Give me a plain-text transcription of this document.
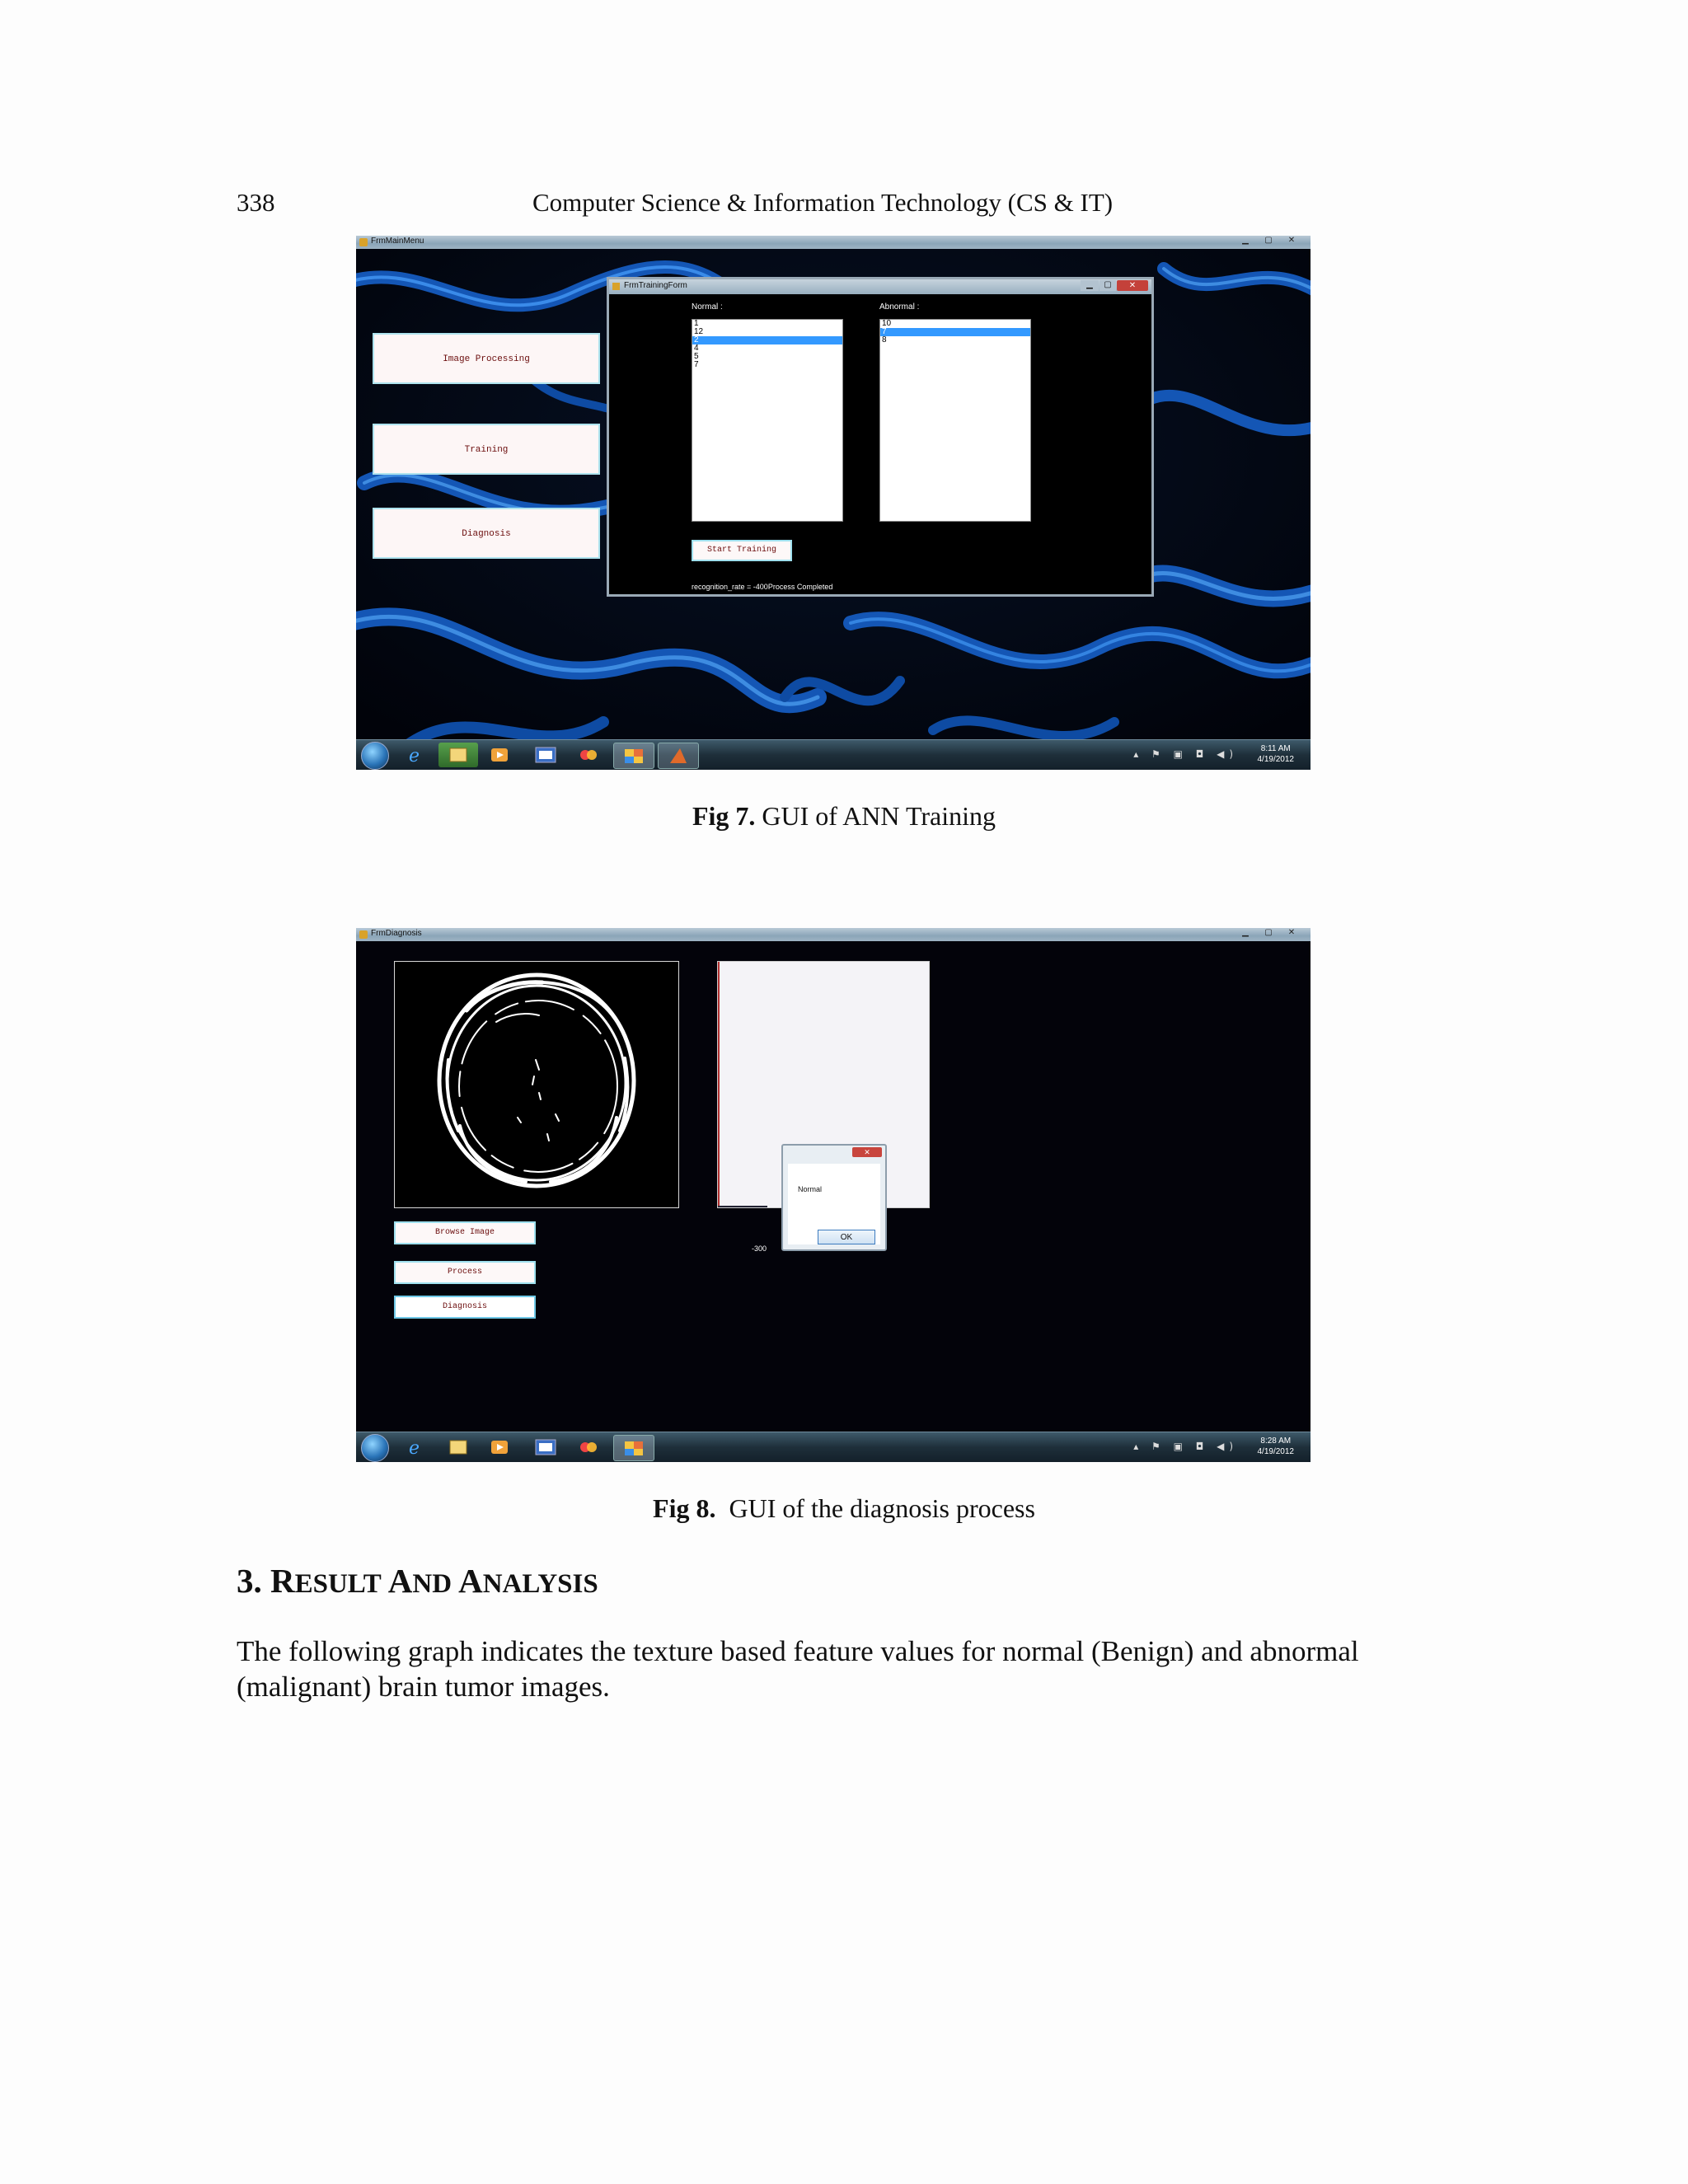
338	Computer Science & Information Technology (CS & IT)
FrmMainMenu	▁	▢	✕
Image Processing
Training
Diagnosis
FrmTrainingForm	▁	▢	✕
Normal :	Abnormal :
1
12
2
4
5
7
10
7
8
Start Training
recognition_rate = -400Process Completed
e	▴ ⚑ ▣ ◘ ◀)	8:11 AM
4/19/2012
Fig 7. GUI of ANN Training
FrmDiagnosis	▁	▢	✕
-300
✕
Normal
OK
Browse Image
Process
Diagnosis
e	▴ ⚑ ▣ ◘ ◀)	8:28 AM
4/19/2012
Fig 8. GUI of the diagnosis process
3. RESULT AND ANALYSIS
The following graph indicates the texture based feature values for normal (Benign) and abnormal (malignant) brain tumor images.
